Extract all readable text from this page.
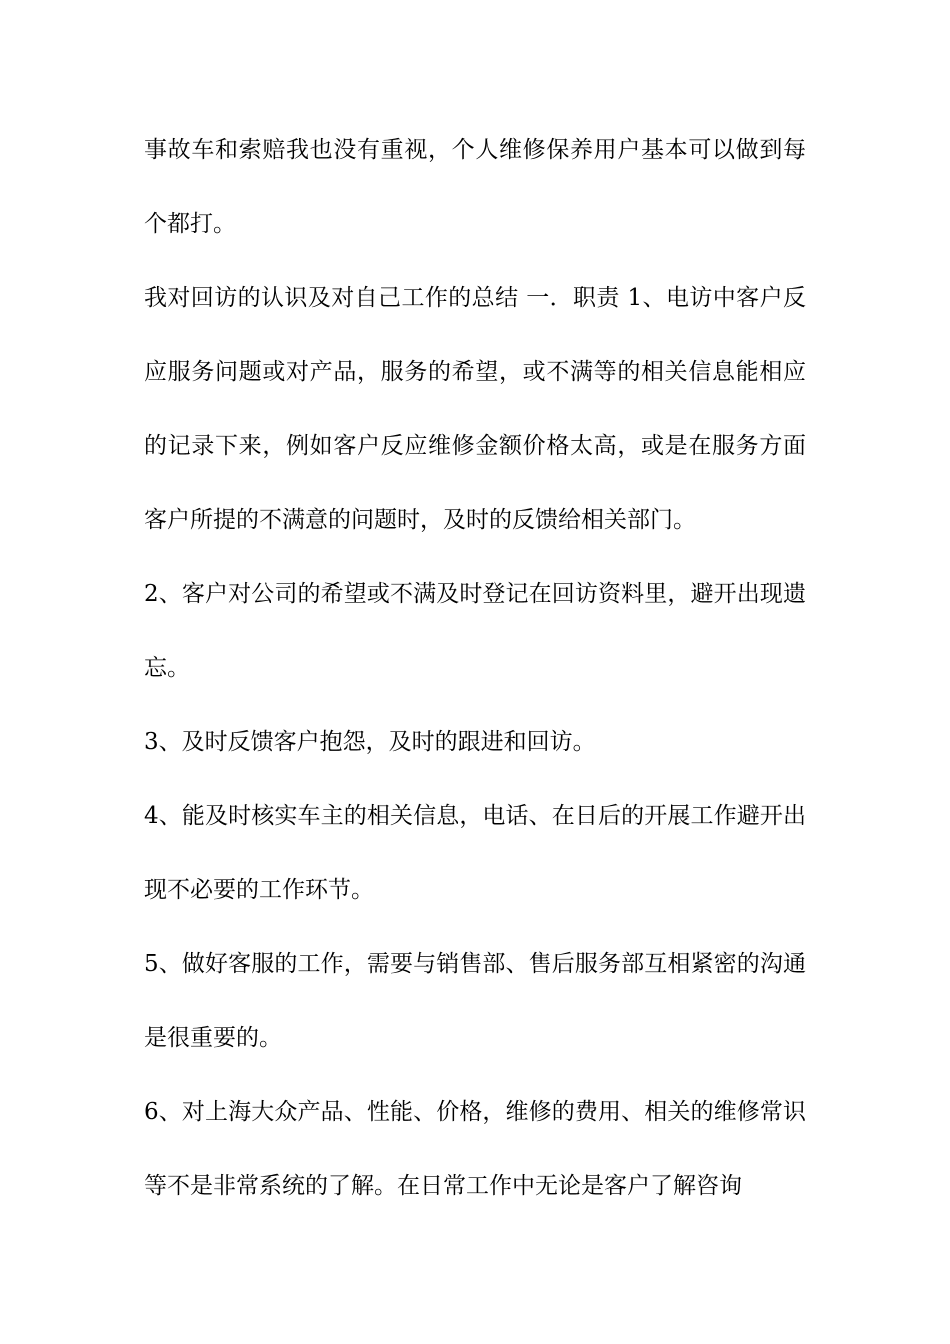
事故车和索赔我也没有重视，个人维修保养用户基本可以做到每个都打。

我对回访的认识及对自己工作的总结 一．职责 1、电访中客户反应服务问题或对产品，服务的希望，或不满等的相关信息能相应的记录下来，例如客户反应维修金额价格太高，或是在服务方面客户所提的不满意的问题时，及时的反馈给相关部门。

2、客户对公司的希望或不满及时登记在回访资料里，避开出现遗忘。

3、及时反馈客户抱怨，及时的跟进和回访。

4、能及时核实车主的相关信息，电话、在日后的开展工作避开出现不必要的工作环节。

5、做好客服的工作，需要与销售部、售后服务部互相紧密的沟通是很重要的。

6、对上海大众产品、性能、价格，维修的费用、相关的维修常识等不是非常系统的了解。在日常工作中无论是客户了解咨询
